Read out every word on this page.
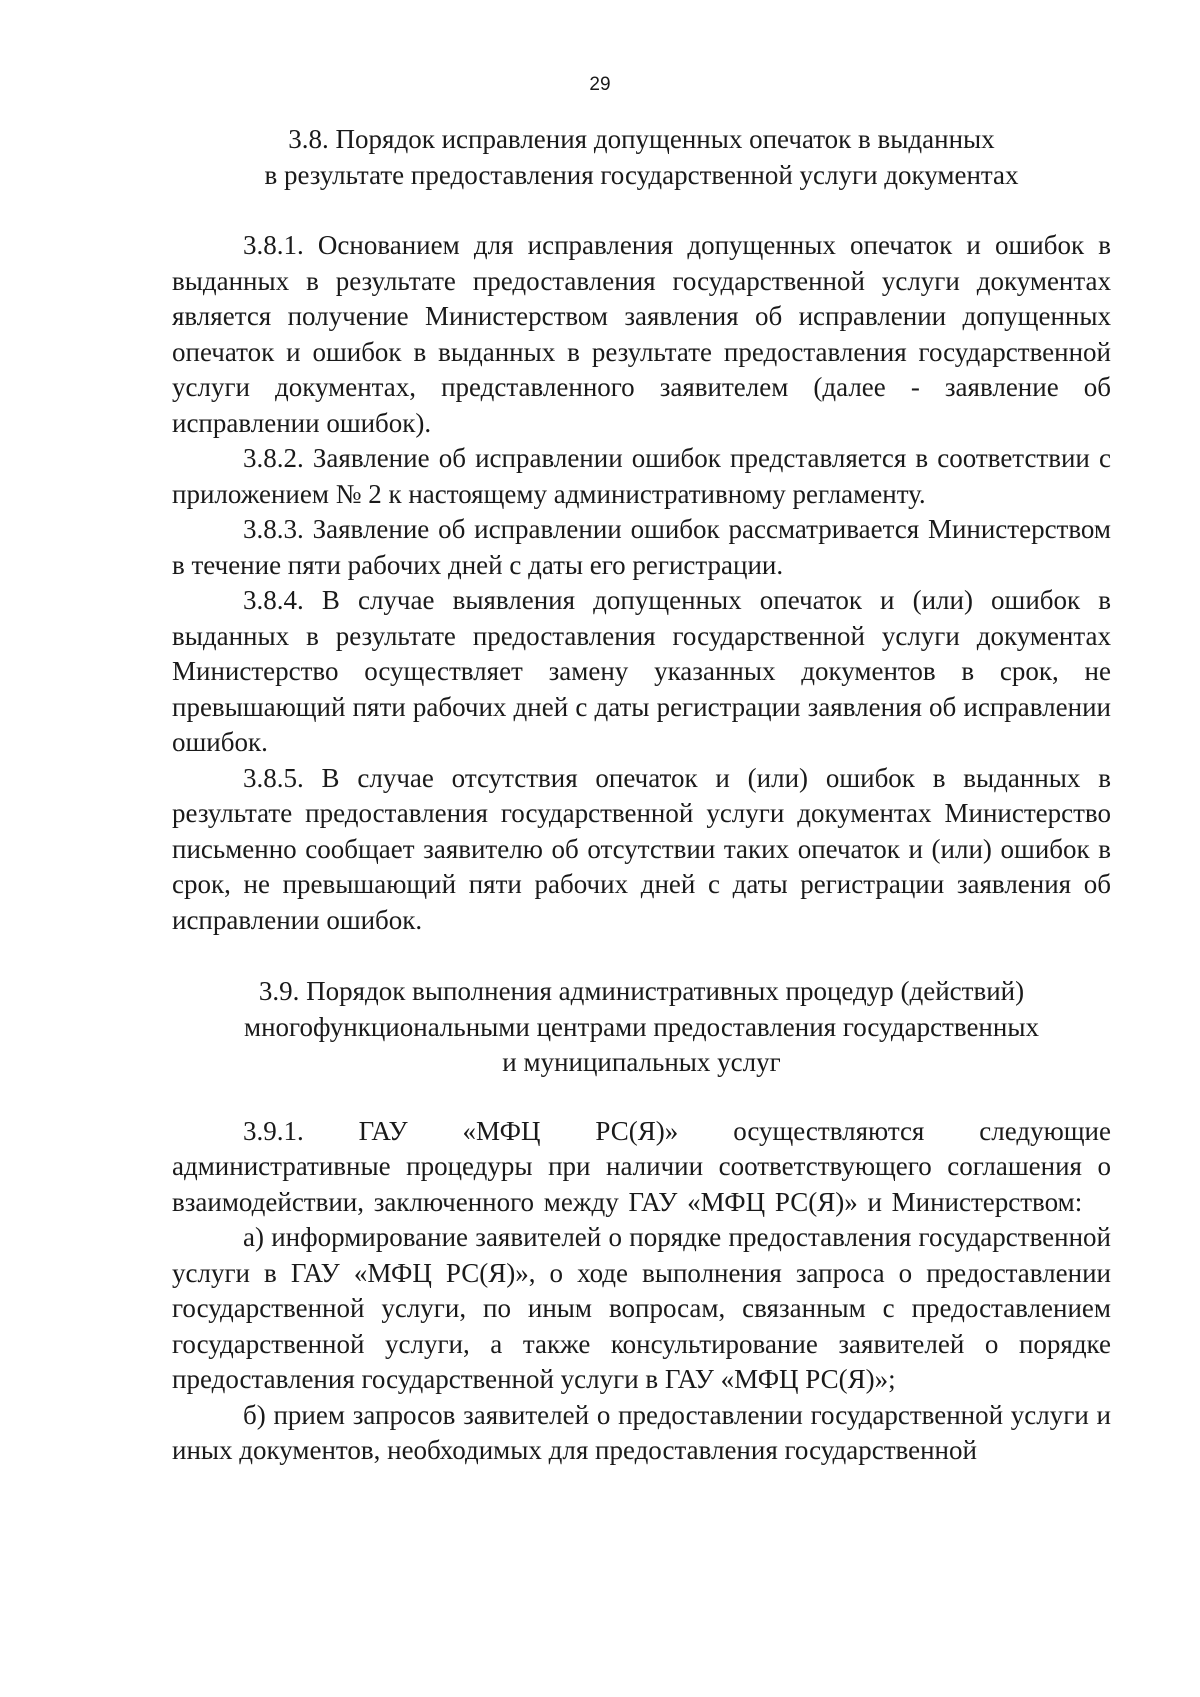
29
3.8. Порядок исправления допущенных опечаток в выданных
в результате предоставления государственной услуги документах

3.8.1. Основанием для исправления допущенных опечаток и ошибок в выданных в результате предоставления государственной услуги документах является получение Министерством заявления об исправлении допущенных опечаток и ошибок в выданных в результате предоставления государственной услуги документах, представленного заявителем (далее - заявление об исправлении ошибок).

3.8.2. Заявление об исправлении ошибок представляется в соответствии с приложением № 2 к настоящему административному регламенту.

3.8.3. Заявление об исправлении ошибок рассматривается Министерством в течение пяти рабочих дней с даты его регистрации.

3.8.4. В случае выявления допущенных опечаток и (или) ошибок в выданных в результате предоставления государственной услуги документах Министерство осуществляет замену указанных документов в срок, не превышающий пяти рабочих дней с даты регистрации заявления об исправлении ошибок.

3.8.5. В случае отсутствия опечаток и (или) ошибок в выданных в результате предоставления государственной услуги документах Министерство письменно сообщает заявителю об отсутствии таких опечаток и (или) ошибок в срок, не превышающий пяти рабочих дней с даты регистрации заявления об исправлении ошибок.

3.9. Порядок выполнения административных процедур (действий)
многофункциональными центрами предоставления государственных
и муниципальных услуг

3.9.1. ГАУ «МФЦ РС(Я)» осуществляются следующие административные процедуры при наличии соответствующего соглашения о взаимодействии, заключенного между ГАУ «МФЦ РС(Я)» и Министерством:

а) информирование заявителей о порядке предоставления государственной услуги в ГАУ «МФЦ РС(Я)», о ходе выполнения запроса о предоставлении государственной услуги, по иным вопросам, связанным с предоставлением государственной услуги, а также консультирование заявителей о порядке предоставления государственной услуги в ГАУ «МФЦ РС(Я)»;

б) прием запросов заявителей о предоставлении государственной услуги и иных документов, необходимых для предоставления государственной
